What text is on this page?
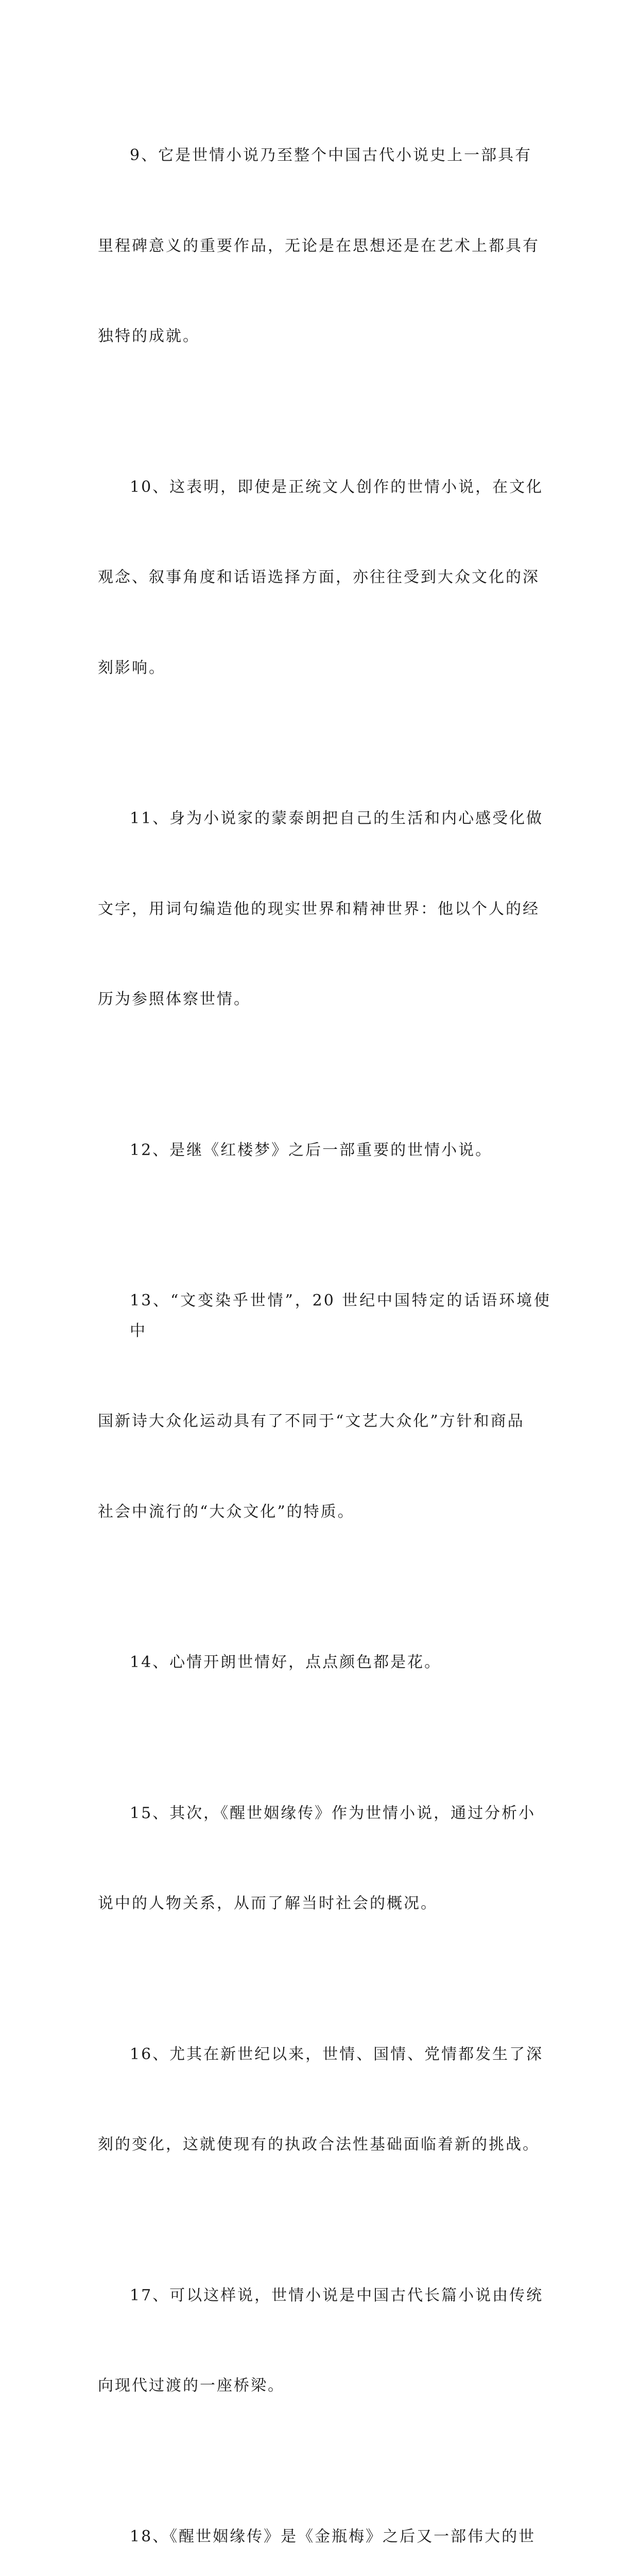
9、它是世情小说乃至整个中国古代小说史上一部具有

里程碑意义的重要作品，无论是在思想还是在艺术上都具有

独特的成就。

10、这表明，即使是正统文人创作的世情小说，在文化

观念、叙事角度和话语选择方面，亦往往受到大众文化的深

刻影响。

11、身为小说家的蒙泰朗把自己的生活和内心感受化做

文字，用词句编造他的现实世界和精神世界：他以个人的经

历为参照体察世情。

12、是继《红楼梦》之后一部重要的世情小说。

13、“文变染乎世情”，20 世纪中国特定的话语环境使中

国新诗大众化运动具有了不同于“文艺大众化”方针和商品

社会中流行的“大众文化”的特质。

14、心情开朗世情好，点点颜色都是花。

15、其次，《醒世姻缘传》作为世情小说，通过分析小

说中的人物关系，从而了解当时社会的概况。

16、尤其在新世纪以来，世情、国情、党情都发生了深

刻的变化，这就使现有的执政合法性基础面临着新的挑战。

17、可以这样说，世情小说是中国古代长篇小说由传统

向现代过渡的一座桥梁。

18、《醒世姻缘传》是《金瓶梅》之后又一部伟大的世
